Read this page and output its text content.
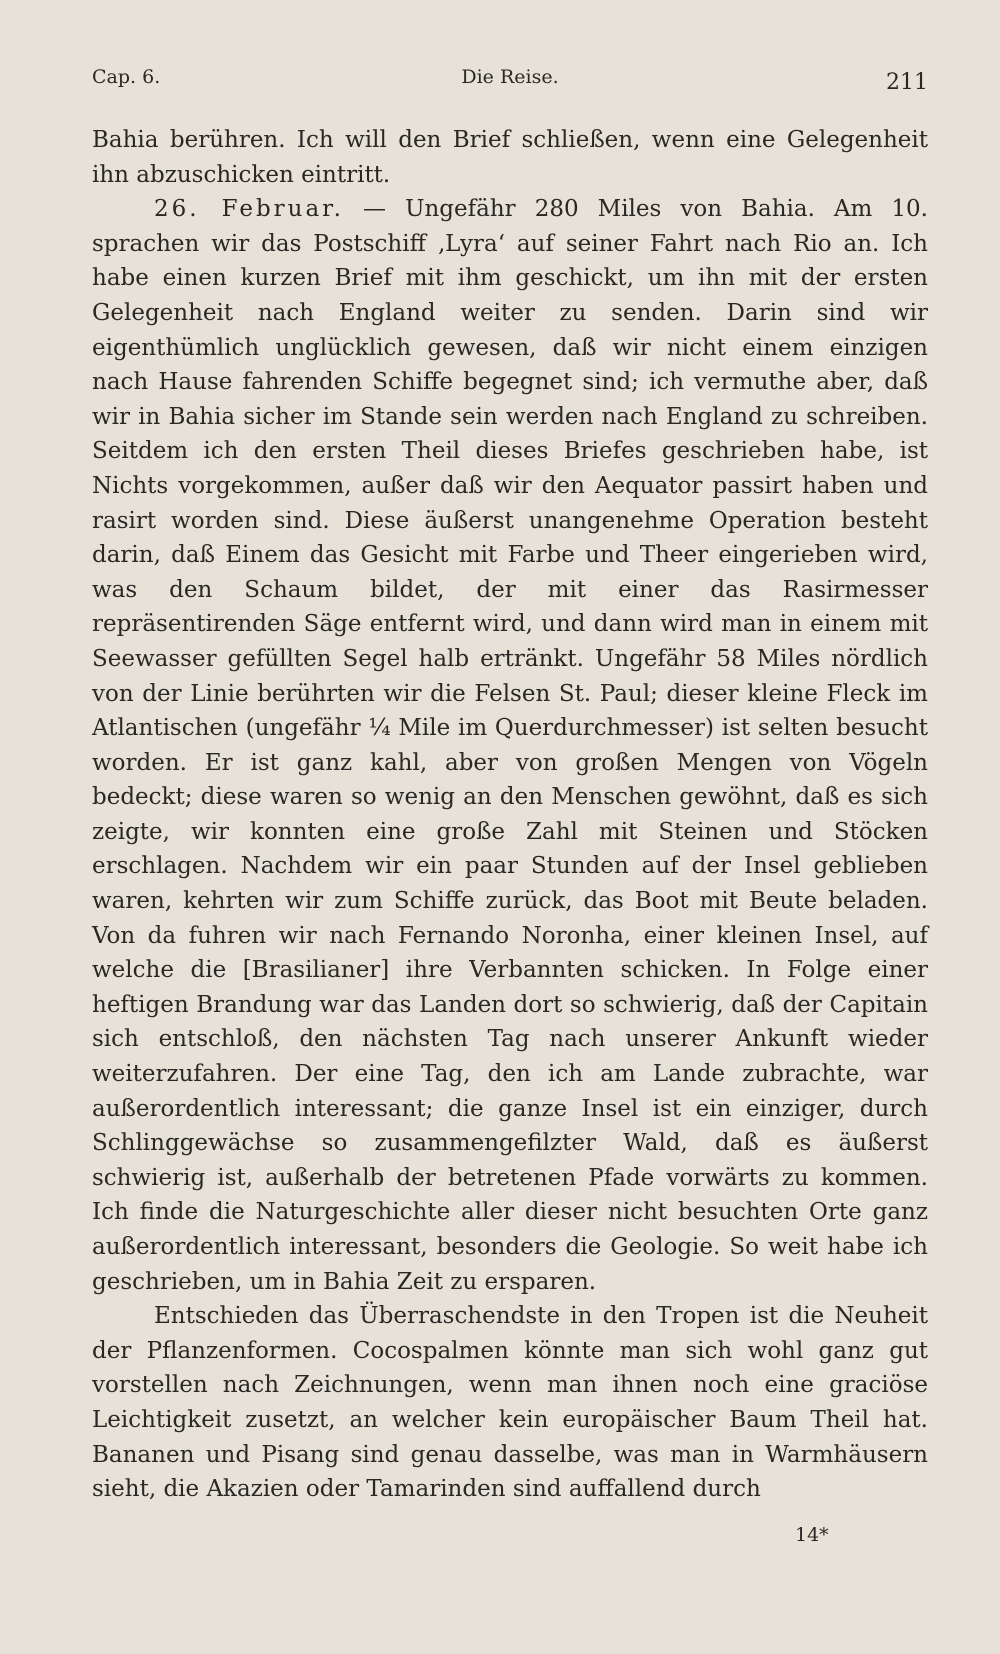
Cap. 6.	Die Reise.	211

Bahia berühren. Ich will den Brief schließen, wenn eine Gelegenheit ihn abzuschicken eintritt.

26. Februar. — Ungefähr 280 Miles von Bahia. Am 10. sprachen wir das Postschiff ‚Lyra‘ auf seiner Fahrt nach Rio an. Ich habe einen kurzen Brief mit ihm geschickt, um ihn mit der ersten Gelegenheit nach England weiter zu senden. Darin sind wir eigenthümlich unglücklich gewesen, daß wir nicht einem einzigen nach Hause fahrenden Schiffe begegnet sind; ich vermuthe aber, daß wir in Bahia sicher im Stande sein werden nach England zu schreiben. Seitdem ich den ersten Theil dieses Briefes geschrieben habe, ist Nichts vorgekommen, außer daß wir den Aequator passirt haben und rasirt worden sind. Diese äußerst unangenehme Operation besteht darin, daß Einem das Gesicht mit Farbe und Theer eingerieben wird, was den Schaum bildet, der mit einer das Rasirmesser repräsentirenden Säge entfernt wird, und dann wird man in einem mit Seewasser gefüllten Segel halb ertränkt. Ungefähr 58 Miles nördlich von der Linie berührten wir die Felsen St. Paul; dieser kleine Fleck im Atlantischen (ungefähr ¼ Mile im Querdurchmesser) ist selten besucht worden. Er ist ganz kahl, aber von großen Mengen von Vögeln bedeckt; diese waren so wenig an den Menschen gewöhnt, daß es sich zeigte, wir konnten eine große Zahl mit Steinen und Stöcken erschlagen. Nachdem wir ein paar Stunden auf der Insel geblieben waren, kehrten wir zum Schiffe zurück, das Boot mit Beute beladen. Von da fuhren wir nach Fernando Noronha, einer kleinen Insel, auf welche die [Brasilianer] ihre Verbannten schicken. In Folge einer heftigen Brandung war das Landen dort so schwierig, daß der Capitain sich entschloß, den nächsten Tag nach unserer Ankunft wieder weiterzufahren. Der eine Tag, den ich am Lande zubrachte, war außerordentlich interessant; die ganze Insel ist ein einziger, durch Schlinggewächse so zusammengefilzter Wald, daß es äußerst schwierig ist, außerhalb der betretenen Pfade vorwärts zu kommen. Ich finde die Naturgeschichte aller dieser nicht besuchten Orte ganz außerordentlich interessant, besonders die Geologie. So weit habe ich geschrieben, um in Bahia Zeit zu ersparen.

Entschieden das Überraschendste in den Tropen ist die Neuheit der Pflanzenformen. Cocospalmen könnte man sich wohl ganz gut vorstellen nach Zeichnungen, wenn man ihnen noch eine graciöse Leichtigkeit zusetzt, an welcher kein europäischer Baum Theil hat. Bananen und Pisang sind genau dasselbe, was man in Warmhäusern sieht, die Akazien oder Tamarinden sind auffallend durch

14*
